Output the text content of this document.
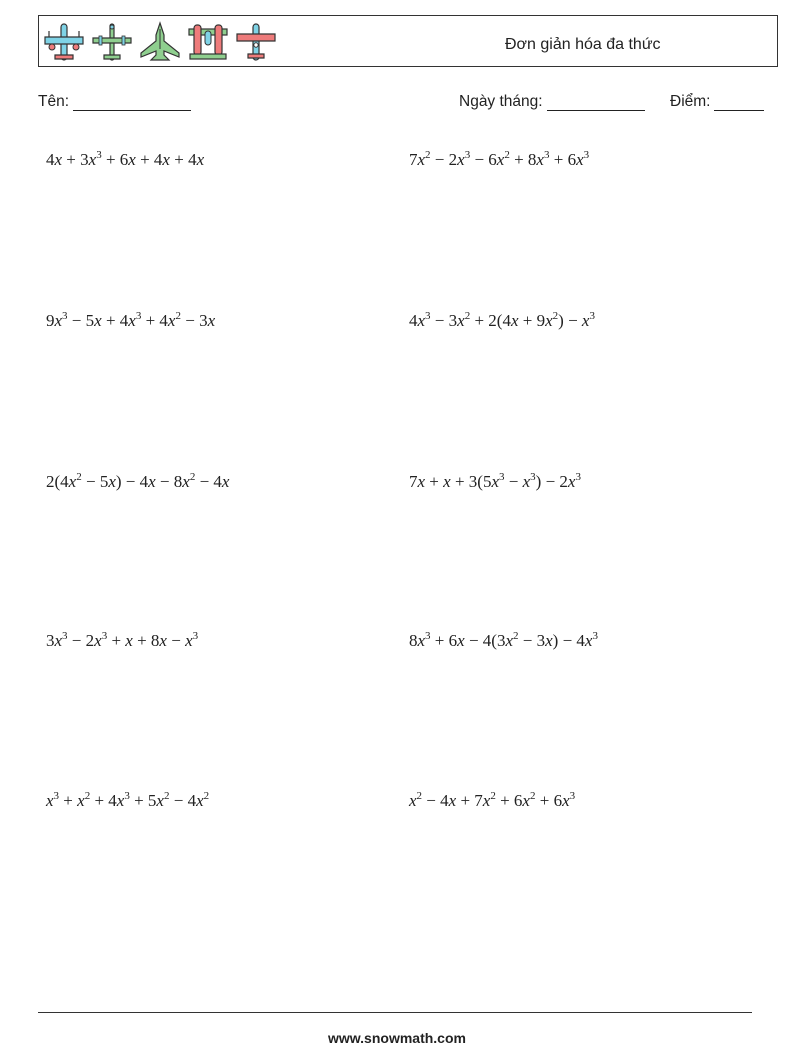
Đơn giản hóa đa thức
Tên:	Ngày tháng:	Điểm:
$4x + 3x^3 + 6x + 4x + 4x$	$7x^2 - 2x^3 - 6x^2 + 8x^3 + 6x^3$
$9x^3 - 5x + 4x^3 + 4x^2 - 3x$	$4x^3 - 3x^2 + 2(4x + 9x^2) - x^3$
$2(4x^2 - 5x) - 4x - 8x^2 - 4x$	$7x + x + 3(5x^3 - x^3) - 2x^3$
$3x^3 - 2x^3 + x + 8x - x^3$	$8x^3 + 6x - 4(3x^2 - 3x) - 4x^3$
$x^3 + x^2 + 4x^3 + 5x^2 - 4x^2$	$x^2 - 4x + 7x^2 + 6x^2 + 6x^3$
www.snowmath.com
